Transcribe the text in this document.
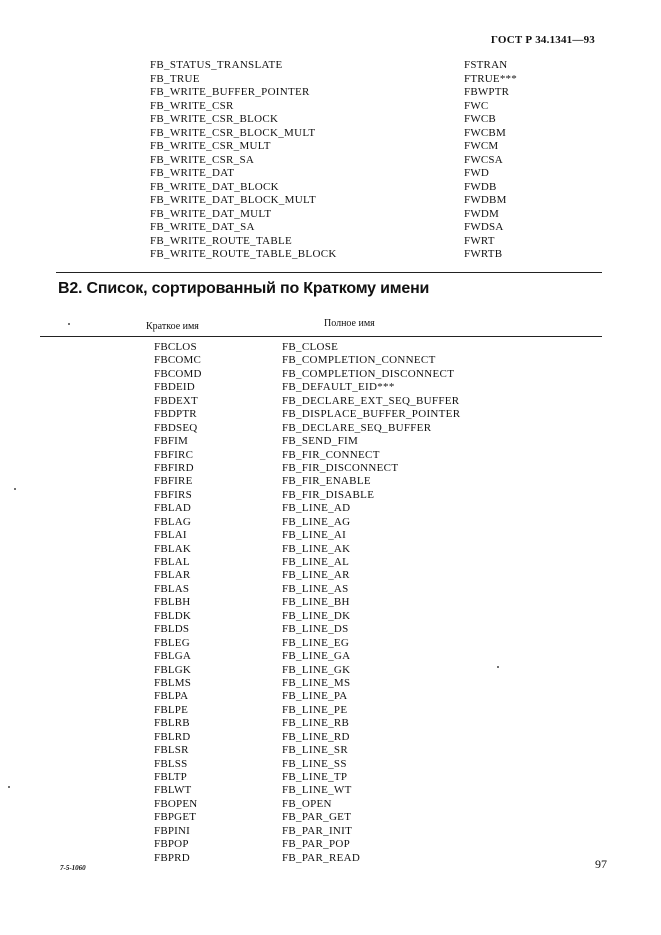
ГОСТ Р 34.1341—93
FB_STATUS_TRANSLATE	FSTRAN
FB_TRUE	FTRUE***
FB_WRITE_BUFFER_POINTER	FBWPTR
FB_WRITE_CSR	FWC
FB_WRITE_CSR_BLOCK	FWCB
FB_WRITE_CSR_BLOCK_MULT	FWCBM
FB_WRITE_CSR_MULT	FWCM
FB_WRITE_CSR_SA	FWCSA
FB_WRITE_DAT	FWD
FB_WRITE_DAT_BLOCK	FWDB
FB_WRITE_DAT_BLOCK_MULT	FWDBM
FB_WRITE_DAT_MULT	FWDM
FB_WRITE_DAT_SA	FWDSA
FB_WRITE_ROUTE_TABLE	FWRT
FB_WRITE_ROUTE_TABLE_BLOCK	FWRTB
В2. Список, сортированный по Краткому имени
Краткое имя	Полное имя
FBCLOS	FB_CLOSE
FBCOMC	FB_COMPLETION_CONNECT
FBCOMD	FB_COMPLETION_DISCONNECT
FBDEID	FB_DEFAULT_EID***
FBDEXT	FB_DECLARE_EXT_SEQ_BUFFER
FBDPTR	FB_DISPLACE_BUFFER_POINTER
FBDSEQ	FB_DECLARE_SEQ_BUFFER
FBFIM	FB_SEND_FIM
FBFIRC	FB_FIR_CONNECT
FBFIRD	FB_FIR_DISCONNECT
FBFIRE	FB_FIR_ENABLE
FBFIRS	FB_FIR_DISABLE
FBLAD	FB_LINE_AD
FBLAG	FB_LINE_AG
FBLAI	FB_LINE_AI
FBLAK	FB_LINE_AK
FBLAL	FB_LINE_AL
FBLAR	FB_LINE_AR
FBLAS	FB_LINE_AS
FBLBH	FB_LINE_BH
FBLDK	FB_LINE_DK
FBLDS	FB_LINE_DS
FBLEG	FB_LINE_EG
FBLGA	FB_LINE_GA
FBLGK	FB_LINE_GK
FBLMS	FB_LINE_MS
FBLPA	FB_LINE_PA
FBLPE	FB_LINE_PE
FBLRB	FB_LINE_RB
FBLRD	FB_LINE_RD
FBLSR	FB_LINE_SR
FBLSS	FB_LINE_SS
FBLTP	FB_LINE_TP
FBLWT	FB_LINE_WT
FBOPEN	FB_OPEN
FBPGET	FB_PAR_GET
FBPINI	FB_PAR_INIT
FBPOP	FB_PAR_POP
FBPRD	FB_PAR_READ
7-5-1060	97
